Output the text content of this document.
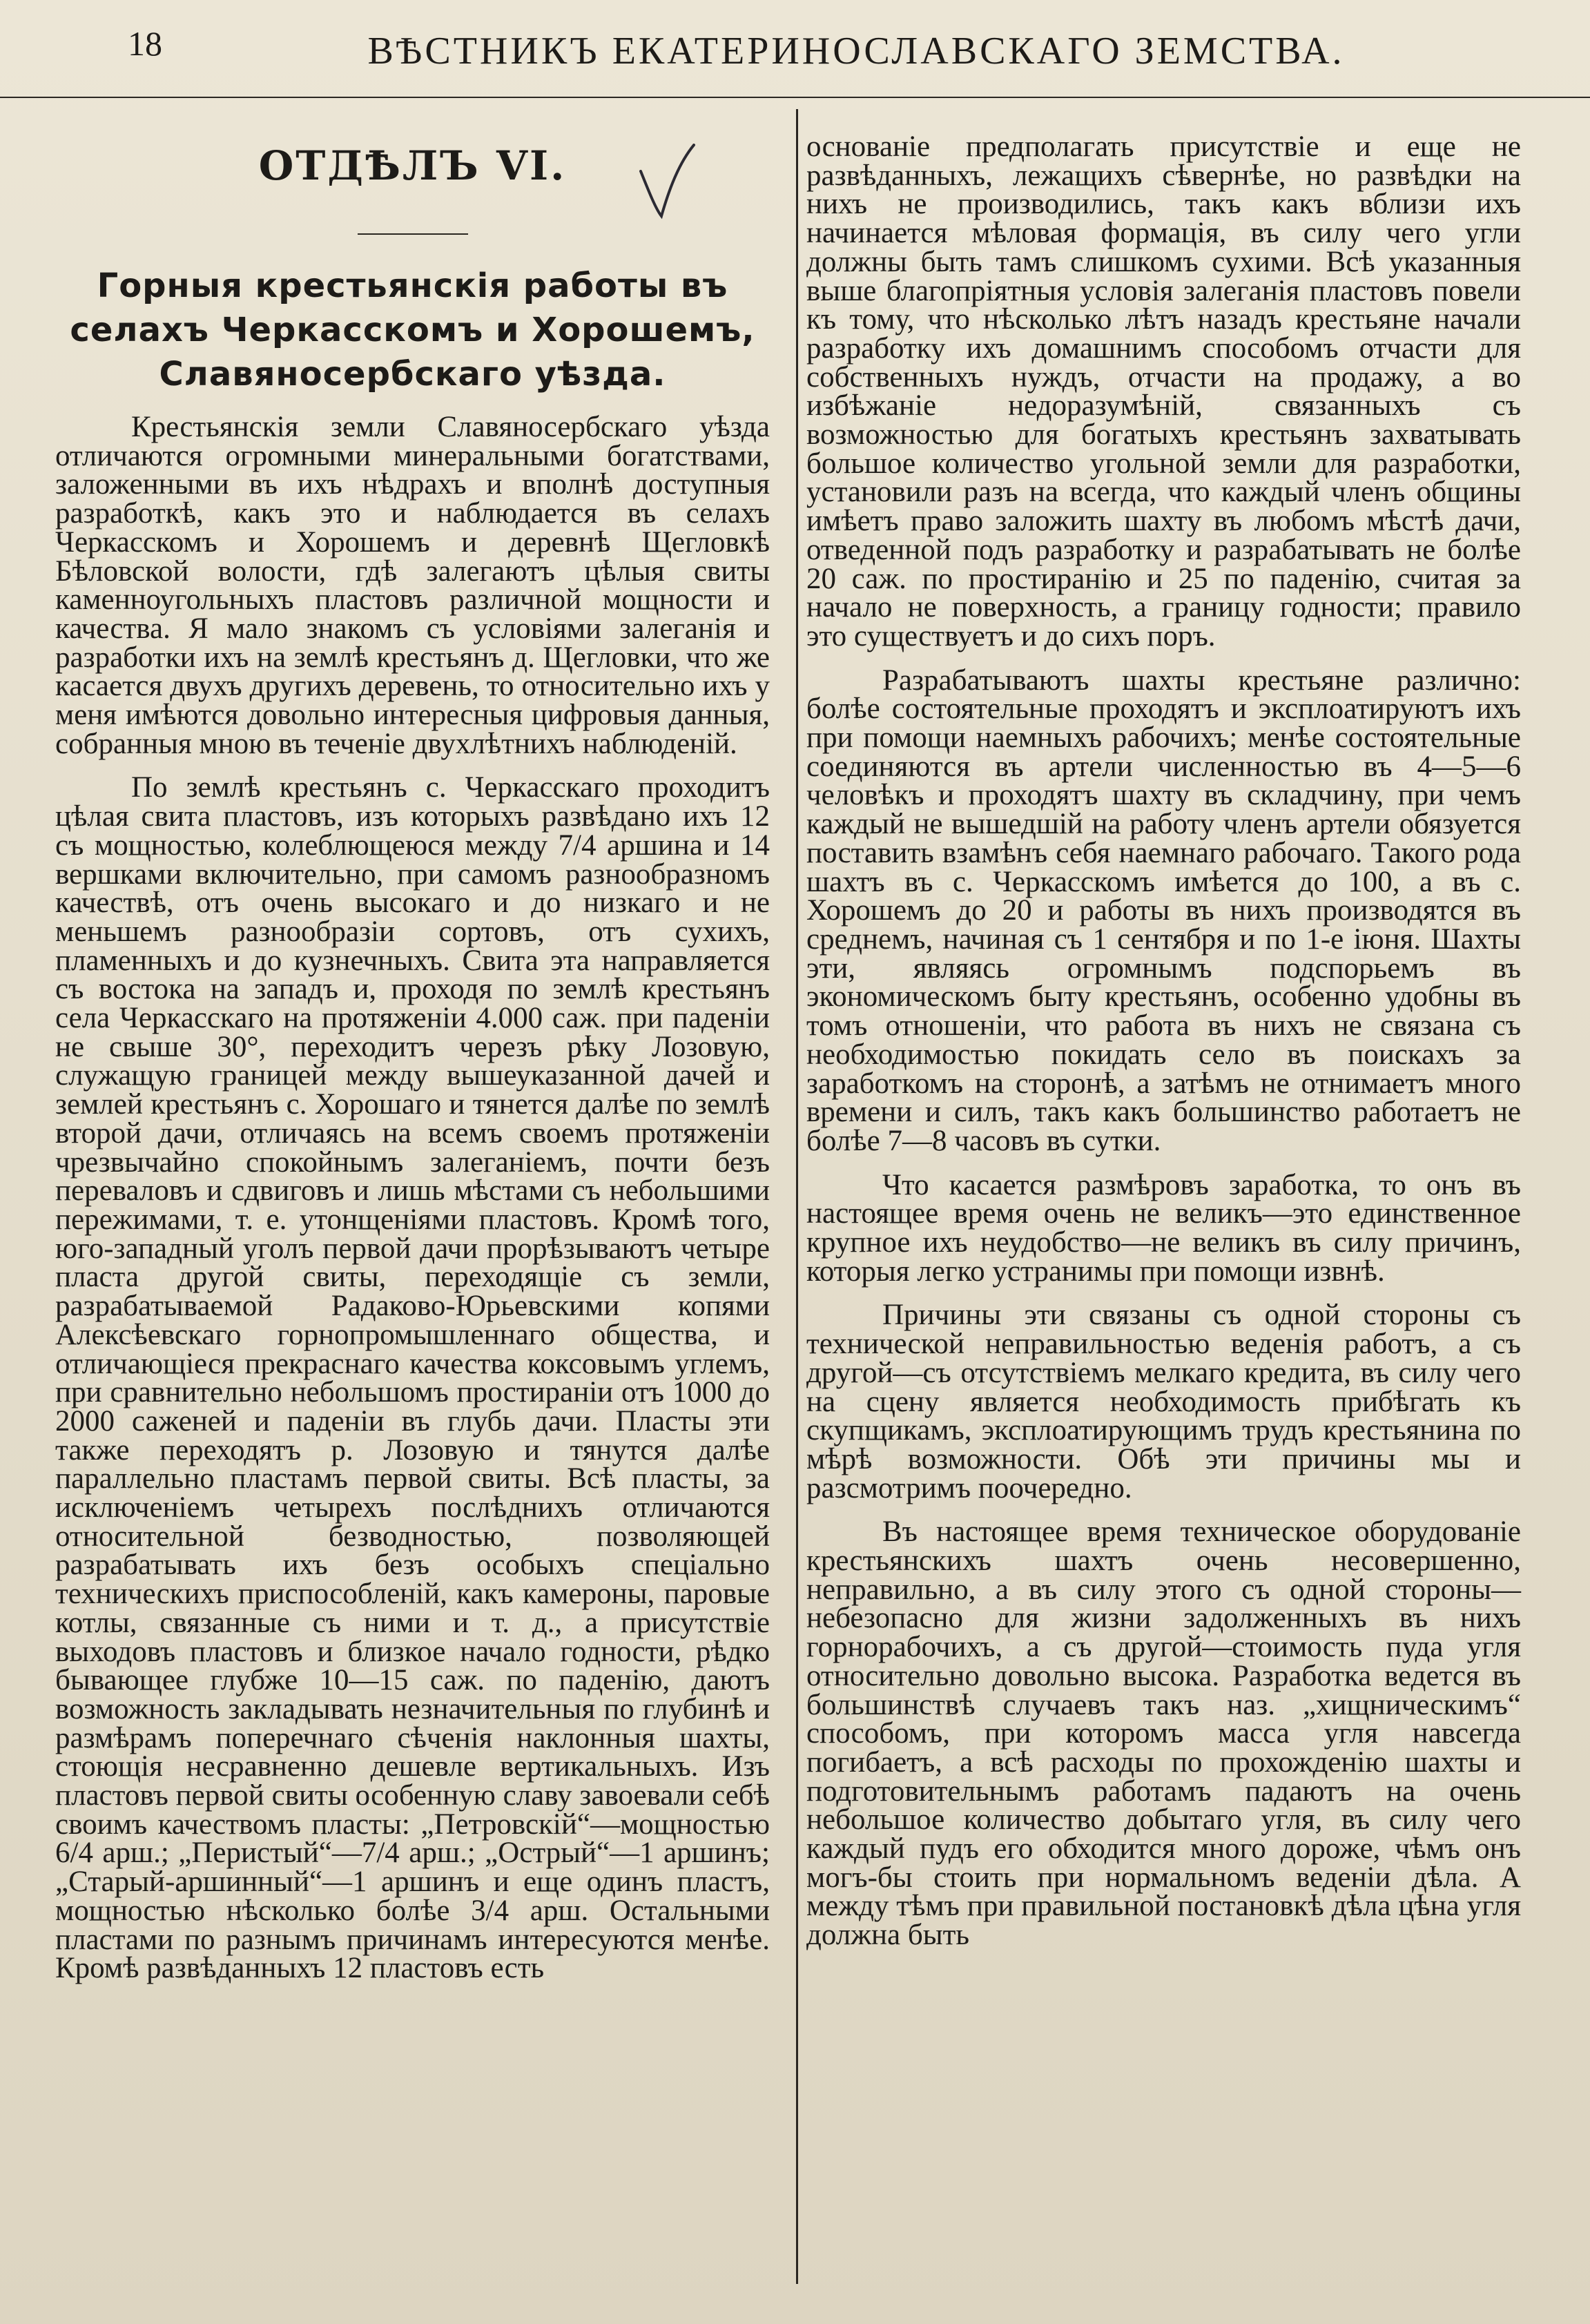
18	ВѢСТНИКЪ ЕКАТЕРИНОСЛАВСКАГО ЗЕМСТВА.
ОТДѢЛЪ VI.
Горныя крестьянскія работы въ селахъ Черкасскомъ и Хорошемъ, Славяносербскаго уѣзда.

Крестьянскія земли Славяносербскаго уѣзда отличаются огромными минеральными богатствами, заложенными въ ихъ нѣдрахъ и вполнѣ доступныя разработкѣ, какъ это и наблюдается въ селахъ Черкасскомъ и Хорошемъ и деревнѣ Щегловкѣ Бѣловской волости, гдѣ залегаютъ цѣлыя свиты каменноугольныхъ пластовъ различной мощности и качества. Я мало знакомъ съ условіями залеганія и разработки ихъ на землѣ крестьянъ д. Щегловки, что же касается двухъ другихъ деревень, то относительно ихъ у меня имѣются довольно интересныя цифровыя данныя, собранныя мною въ теченіе двухлѣтнихъ наблюденій.

По землѣ крестьянъ с. Черкасскаго проходитъ цѣлая свита пластовъ, изъ которыхъ развѣдано ихъ 12 съ мощностью, колеблющеюся между 7/4 аршина и 14 вершками включительно, при самомъ разнообразномъ качествѣ, отъ очень высокаго и до низкаго и не меньшемъ разнообразіи сортовъ, отъ сухихъ, пламенныхъ и до кузнечныхъ. Свита эта направляется съ востока на западъ и, проходя по землѣ крестьянъ села Черкасскаго на протяженіи 4.000 саж. при паденіи не свыше 30°, переходитъ черезъ рѣку Лозовую, служащую границей между вышеуказанной дачей и землей крестьянъ с. Хорошаго и тянется далѣе по землѣ второй дачи, отличаясь на всемъ своемъ протяженіи чрезвычайно спокойнымъ залеганіемъ, почти безъ переваловъ и сдвиговъ и лишь мѣстами съ небольшими пережимами, т. е. утонщеніями пластовъ. Кромѣ того, юго-западный уголъ первой дачи прорѣзываютъ четыре пласта другой свиты, переходящіе съ земли, разрабатываемой Радаково-Юрьевскими копями Алексѣевскаго горнопромышленнаго общества, и отличающіеся прекраснаго качества коксовымъ углемъ, при сравнительно небольшомъ простираніи отъ 1000 до 2000 саженей и паденіи въ глубь дачи. Пласты эти также переходятъ р. Лозовую и тянутся далѣе параллельно пластамъ первой свиты. Всѣ пласты, за исключеніемъ четырехъ послѣднихъ отличаются относительной безводностью, позволяющей разрабатывать ихъ безъ особыхъ спеціально техническихъ приспособленій, какъ камероны, паровые котлы, связанные съ ними и т. д., а присутствіе выходовъ пластовъ и близкое начало годности, рѣдко бывающее глубже 10—15 саж. по паденію, даютъ возможность закладывать незначительныя по глубинѣ и размѣрамъ поперечнаго сѣченія наклонныя шахты, стоющія несравненно дешевле вертикальныхъ. Изъ пластовъ первой свиты особенную славу завоевали себѣ своимъ качествомъ пласты: „Петровскій“—мощностью 6/4 арш.; „Перистый“—7/4 арш.; „Острый“—1 аршинъ; „Старый-аршинный“—1 аршинъ и еще одинъ пластъ, мощностью нѣсколько болѣе 3/4 арш. Остальными пластами по разнымъ причинамъ интересуются менѣе. Кромѣ развѣданныхъ 12 пластовъ есть

основаніе предполагать присутствіе и еще не развѣданныхъ, лежащихъ сѣвернѣе, но развѣдки на нихъ не производились, такъ какъ вблизи ихъ начинается мѣловая формація, въ силу чего угли должны быть тамъ слишкомъ сухими. Всѣ указанныя выше благопріятныя условія залеганія пластовъ повели къ тому, что нѣсколько лѣтъ назадъ крестьяне начали разработку ихъ домашнимъ способомъ отчасти для собственныхъ нуждъ, отчасти на продажу, а во избѣжаніе недоразумѣній, связанныхъ съ возможностью для богатыхъ крестьянъ захватывать большое количество угольной земли для разработки, установили разъ на всегда, что каждый членъ общины имѣетъ право заложить шахту въ любомъ мѣстѣ дачи, отведенной подъ разработку и разрабатывать не болѣе 20 саж. по простиранію и 25 по паденію, считая за начало не поверхность, а границу годности; правило это существуетъ и до сихъ поръ.

Разрабатываютъ шахты крестьяне различно: болѣе состоятельные проходятъ и эксплоатируютъ ихъ при помощи наемныхъ рабочихъ; менѣе состоятельные соединяются въ артели численностью въ 4—5—6 человѣкъ и проходятъ шахту въ складчину, при чемъ каждый не вышедшій на работу членъ артели обязуется поставить взамѣнъ себя наемнаго рабочаго. Такого рода шахтъ въ с. Черкасскомъ имѣется до 100, а въ с. Хорошемъ до 20 и работы въ нихъ производятся въ среднемъ, начиная съ 1 сентября и по 1-е іюня. Шахты эти, являясь огромнымъ подспорьемъ въ экономическомъ быту крестьянъ, особенно удобны въ томъ отношеніи, что работа въ нихъ не связана съ необходимостью покидать село въ поискахъ за заработкомъ на сторонѣ, а затѣмъ не отнимаетъ много времени и силъ, такъ какъ большинство работаетъ не болѣе 7—8 часовъ въ сутки.

Что касается размѣровъ заработка, то онъ въ настоящее время очень не великъ—это единственное крупное ихъ неудобство—не великъ въ силу причинъ, которыя легко устранимы при помощи извнѣ.

Причины эти связаны съ одной стороны съ технической неправильностью веденія работъ, а съ другой—съ отсутствіемъ мелкаго кредита, въ силу чего на сцену является необходимость прибѣгать къ скупщикамъ, эксплоатирующимъ трудъ крестьянина по мѣрѣ возможности. Обѣ эти причины мы и разсмотримъ поочередно.

Въ настоящее время техническое оборудованіе крестьянскихъ шахтъ очень несовершенно, неправильно, а въ силу этого съ одной стороны—небезопасно для жизни задолженныхъ въ нихъ горнорабочихъ, а съ другой—стоимость пуда угля относительно довольно высока. Разработка ведется въ большинствѣ случаевъ такъ наз. „хищническимъ“ способомъ, при которомъ масса угля навсегда погибаетъ, а всѣ расходы по прохожденію шахты и подготовительнымъ работамъ падаютъ на очень небольшое количество добытаго угля, въ силу чего каждый пудъ его обходится много дороже, чѣмъ онъ могъ-бы стоить при нормальномъ веденіи дѣла. А между тѣмъ при правильной постановкѣ дѣла цѣна угля должна быть
